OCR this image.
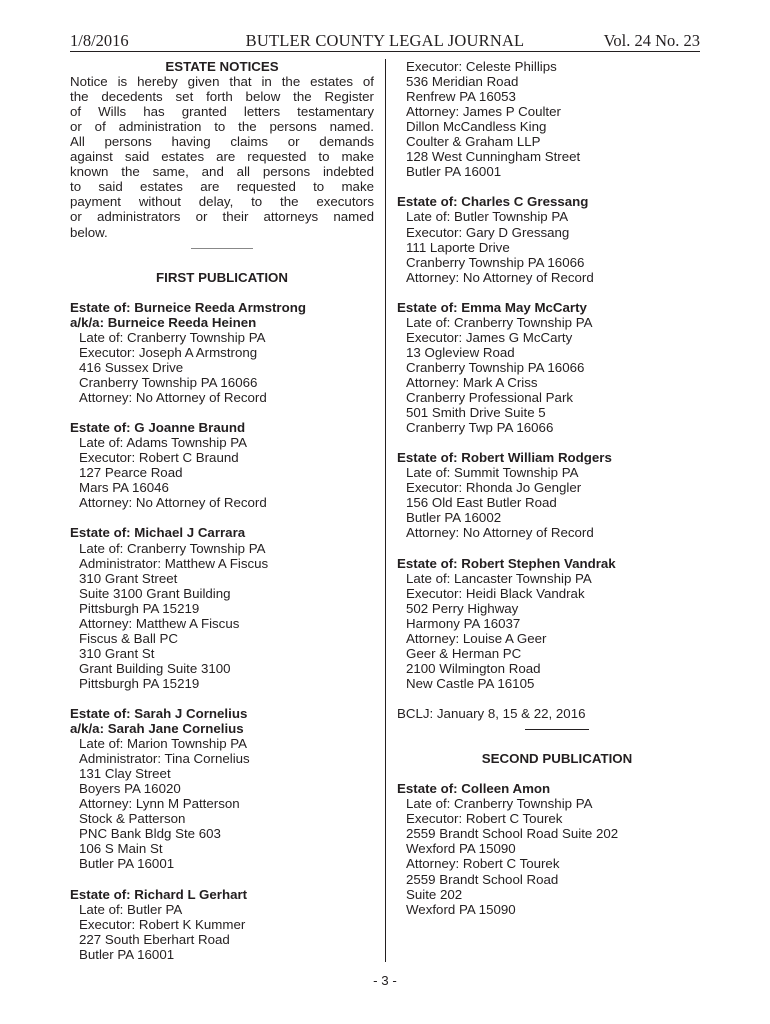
1/8/2016	BUTLER COUNTY LEGAL JOURNAL	Vol. 24 No. 23
ESTATE NOTICES
Notice is hereby given that in the estates of
the decedents set forth below the Register
of Wills has granted letters testamentary
or of administration to the persons named.
All persons having claims or demands
against said estates are requested to make
known the same, and all persons indebted
to said estates are requested to make
payment without delay, to the executors
or administrators or their attorneys named
below.
FIRST PUBLICATION
Estate of: Burneice Reeda Armstrong
a/k/a: Burneice Reeda Heinen
Late of: Cranberry Township PA
Executor: Joseph A Armstrong
416 Sussex Drive
Cranberry Township PA 16066
Attorney: No Attorney of Record
Estate of: G Joanne Braund
Late of: Adams Township PA
Executor: Robert C Braund
127 Pearce Road
Mars PA 16046
Attorney: No Attorney of Record
Estate of: Michael J Carrara
Late of: Cranberry Township PA
Administrator: Matthew A Fiscus
310 Grant Street
Suite 3100 Grant Building
Pittsburgh PA 15219
Attorney: Matthew A Fiscus
Fiscus & Ball PC
310 Grant St
Grant Building Suite 3100
Pittsburgh PA 15219
Estate of: Sarah J Cornelius
a/k/a: Sarah Jane Cornelius
Late of: Marion Township PA
Administrator: Tina Cornelius
131 Clay Street
Boyers PA 16020
Attorney: Lynn M Patterson
Stock & Patterson
PNC Bank Bldg Ste 603
106 S Main St
Butler PA 16001
Estate of: Richard L Gerhart
Late of: Butler PA
Executor: Robert K Kummer
227 South Eberhart Road
Butler PA 16001
Executor: Celeste Phillips
536 Meridian Road
Renfrew PA 16053
Attorney: James P Coulter
Dillon McCandless King
Coulter & Graham LLP
128 West Cunningham Street
Butler PA 16001
Estate of: Charles C Gressang
Late of: Butler Township PA
Executor: Gary D Gressang
111 Laporte Drive
Cranberry Township PA 16066
Attorney: No Attorney of Record
Estate of: Emma May McCarty
Late of: Cranberry Township PA
Executor: James G McCarty
13 Ogleview Road
Cranberry Township PA 16066
Attorney: Mark A Criss
Cranberry Professional Park
501 Smith Drive Suite 5
Cranberry Twp PA 16066
Estate of: Robert William Rodgers
Late of: Summit Township PA
Executor: Rhonda Jo Gengler
156 Old East Butler Road
Butler PA 16002
Attorney: No Attorney of Record
Estate of: Robert Stephen Vandrak
Late of: Lancaster Township PA
Executor: Heidi Black Vandrak
502 Perry Highway
Harmony PA 16037
Attorney: Louise A Geer
Geer & Herman PC
2100 Wilmington Road
New Castle PA 16105
BCLJ: January 8, 15 & 22, 2016
SECOND PUBLICATION
Estate of: Colleen Amon
Late of: Cranberry Township PA
Executor: Robert C Tourek
2559 Brandt School Road Suite 202
Wexford PA 15090
Attorney: Robert C Tourek
2559 Brandt School Road
Suite 202
Wexford PA 15090
- 3 -
